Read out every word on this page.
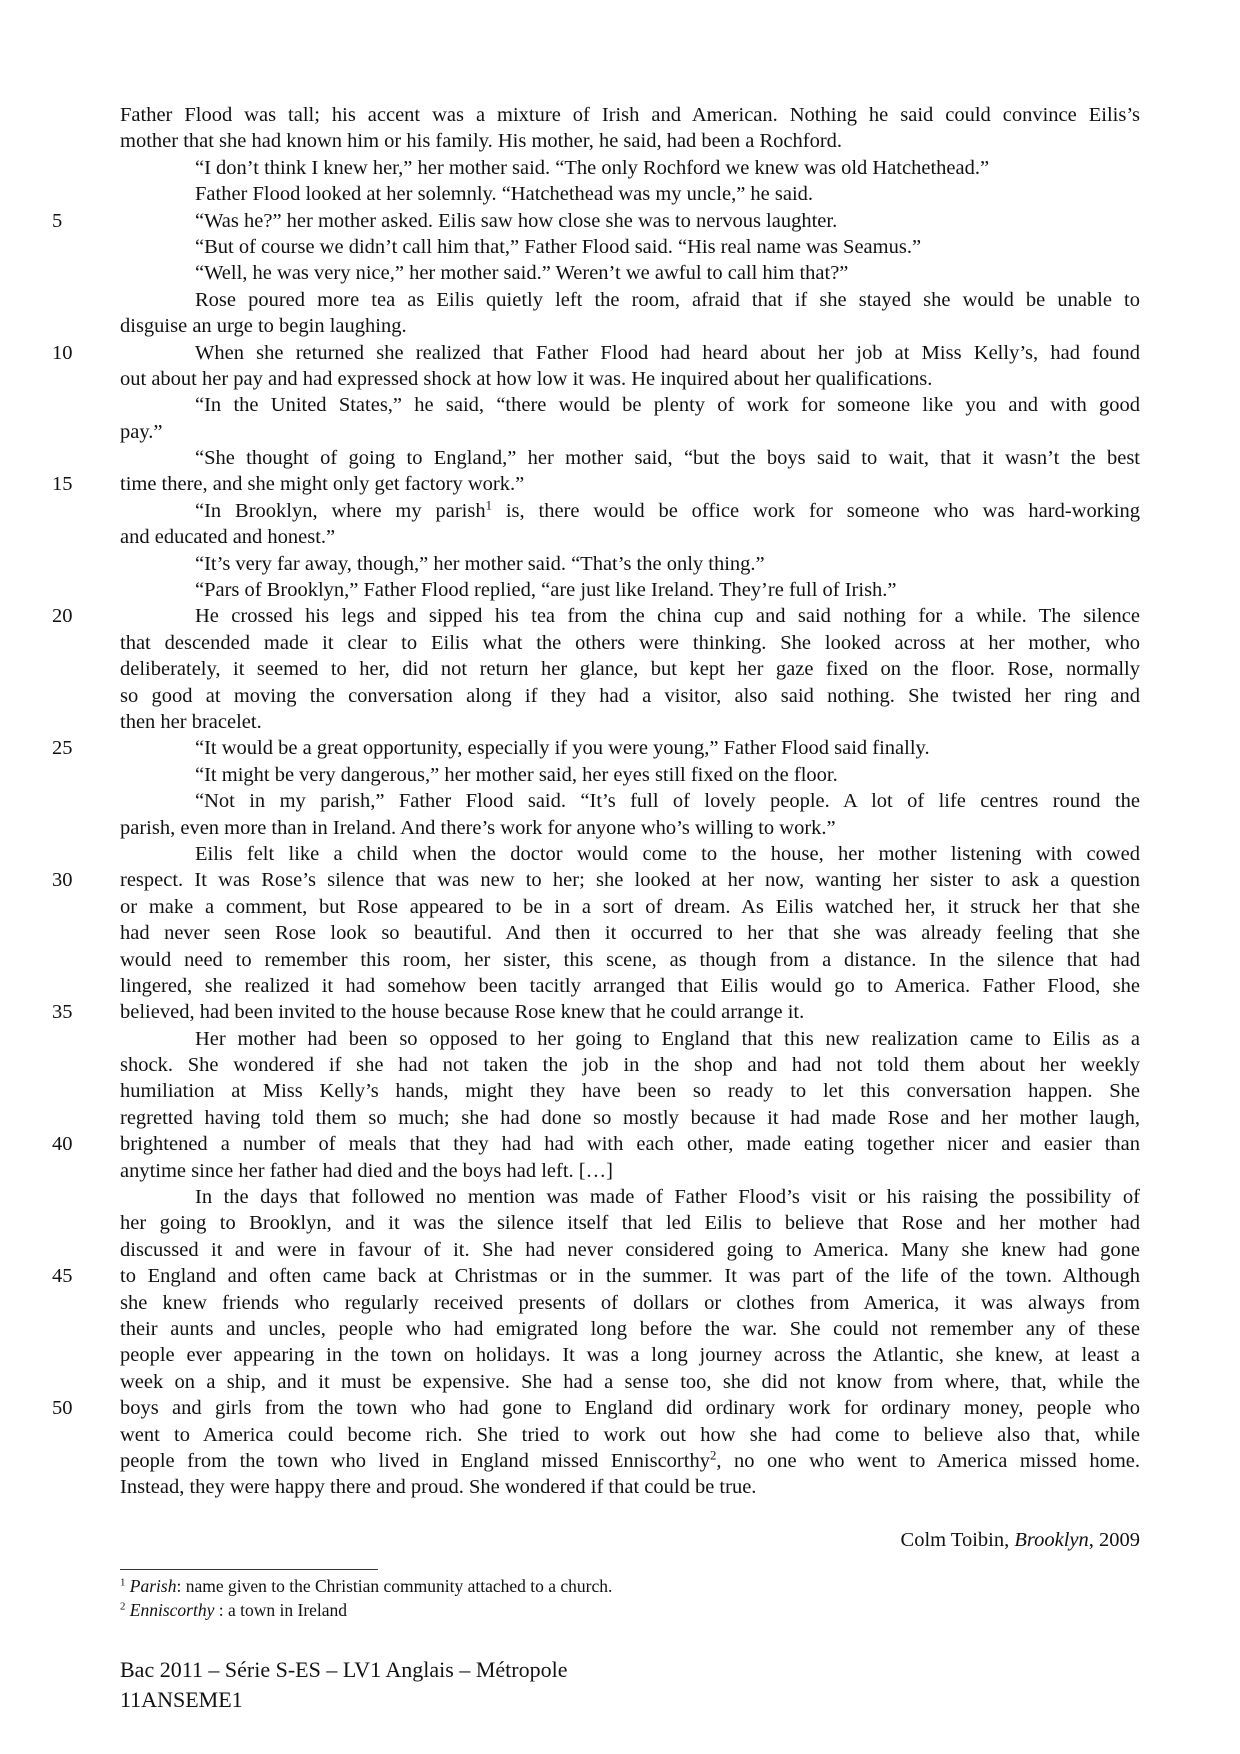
Father Flood was tall; his accent was a mixture of Irish and American. Nothing he said could convince Eilis’s
mother that she had known him or his family. His mother, he said, had been a Rochford.
“I don’t think I knew her,” her mother said. “The only Rochford we knew was old Hatchethead.”
Father Flood looked at her solemnly. “Hatchethead was my uncle,” he said.
5	“Was he?” her mother asked. Eilis saw how close she was to nervous laughter.
“But of course we didn’t call him that,” Father Flood said. “His real name was Seamus.”
“Well, he was very nice,” her mother said.” Weren’t we awful to call him that?”
Rose poured more tea as Eilis quietly left the room, afraid that if she stayed she would be unable to
disguise an urge to begin laughing.
10	When she returned she realized that Father Flood had heard about her job at Miss Kelly’s, had found
out about her pay and had expressed shock at how low it was. He inquired about her qualifications.
“In the United States,” he said, “there would be plenty of work for someone like you and with good
pay.”
“She thought of going to England,” her mother said, “but the boys said to wait, that it wasn’t the best
15 time there, and she might only get factory work.”
“In Brooklyn, where my parish$^1$ is, there would be office work for someone who was hard-working
and educated and honest.”
“It’s very far away, though,” her mother said. “That’s the only thing.”
“Pars of Brooklyn,” Father Flood replied, “are just like Ireland. They’re full of Irish.”
20	He crossed his legs and sipped his tea from the china cup and said nothing for a while. The silence
that descended made it clear to Eilis what the others were thinking. She looked across at her mother, who
deliberately, it seemed to her, did not return her glance, but kept her gaze fixed on the floor. Rose, normally
so good at moving the conversation along if they had a visitor, also said nothing. She twisted her ring and
then her bracelet.
25	“It would be a great opportunity, especially if you were young,” Father Flood said finally.
“It might be very dangerous,” her mother said, her eyes still fixed on the floor.
“Not in my parish,” Father Flood said. “It’s full of lovely people. A lot of life centres round the
parish, even more than in Ireland. And there’s work for anyone who’s willing to work.”
Eilis felt like a child when the doctor would come to the house, her mother listening with cowed
30 respect. It was Rose’s silence that was new to her; she looked at her now, wanting her sister to ask a question
or make a comment, but Rose appeared to be in a sort of dream. As Eilis watched her, it struck her that she
had never seen Rose look so beautiful. And then it occurred to her that she was already feeling that she
would need to remember this room, her sister, this scene, as though from a distance. In the silence that had
lingered, she realized it had somehow been tacitly arranged that Eilis would go to America. Father Flood, she
35 believed, had been invited to the house because Rose knew that he could arrange it.
Her mother had been so opposed to her going to England that this new realization came to Eilis as a
shock. She wondered if she had not taken the job in the shop and had not told them about her weekly
humiliation at Miss Kelly’s hands, might they have been so ready to let this conversation happen. She
regretted having told them so much; she had done so mostly because it had made Rose and her mother laugh,
40 brightened a number of meals that they had had with each other, made eating together nicer and easier than
anytime since her father had died and the boys had left. […]
In the days that followed no mention was made of Father Flood’s visit or his raising the possibility of
her going to Brooklyn, and it was the silence itself that led Eilis to believe that Rose and her mother had
discussed it and were in favour of it. She had never considered going to America. Many she knew had gone
45 to England and often came back at Christmas or in the summer. It was part of the life of the town. Although
she knew friends who regularly received presents of dollars or clothes from America, it was always from
their aunts and uncles, people who had emigrated long before the war. She could not remember any of these
people ever appearing in the town on holidays. It was a long journey across the Atlantic, she knew, at least a
week on a ship, and it must be expensive. She had a sense too, she did not know from where, that, while the
50 boys and girls from the town who had gone to England did ordinary work for ordinary money, people who
went to America could become rich. She tried to work out how she had come to believe also that, while
people from the town who lived in England missed Enniscorthy$^2$, no one who went to America missed home.
Instead, they were happy there and proud. She wondered if that could be true.
Colm Toibin, Brooklyn, 2009
$^1$ Parish: name given to the Christian community attached to a church.
$^2$ Enniscorthy : a town in Ireland
Bac 2011 – Série S-ES – LV1 Anglais – Métropole
11ANSEME1
